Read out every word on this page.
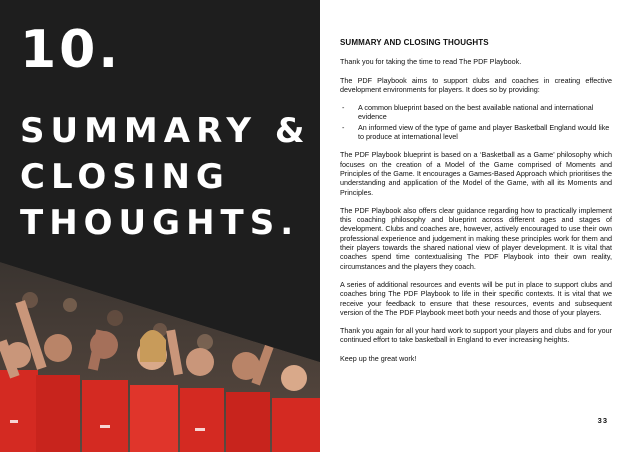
10.
SUMMARY &
CLOSING
THOUGHTS.
SUMMARY AND CLOSING THOUGHTS

Thank you for taking the time to read The PDF Playbook.

The PDF Playbook aims to support clubs and coaches in creating effective development environments for players. It does so by providing:

- A common blueprint based on the best available national and international evidence
- An informed view of the type of game and player Basketball England would like to produce at international level

The PDF Playbook blueprint is based on a ‘Basketball as a Game’ philosophy which focuses on the creation of a Model of the Game comprised of Moments and Principles of the Game. It encourages a Games-Based Approach which prioritises the understanding and application of the Model of the Game, with all its Moments and Principles.

The PDF Playbook also offers clear guidance regarding how to practically implement this coaching philosophy and blueprint across different ages and stages of development. Clubs and coaches are, however, actively encouraged to use their own professional experience and judgement in making these principles work for them and their players towards the shared national view of player development. It is vital that coaches spend time contextualising The PDF Playbook into their own reality, circumstances and the players they coach.

A series of additional resources and events will be put in place to support clubs and coaches bring The PDF Playbook to life in their specific contexts. It is vital that we receive your feedback to ensure that these resources, events and subsequent version of the The PDF Playbook meet both your needs and those of your players.

Thank you again for all your hard work to support your players and clubs and for your continued effort to take basketball in England to ever increasing heights.

Keep up the great work!

33
